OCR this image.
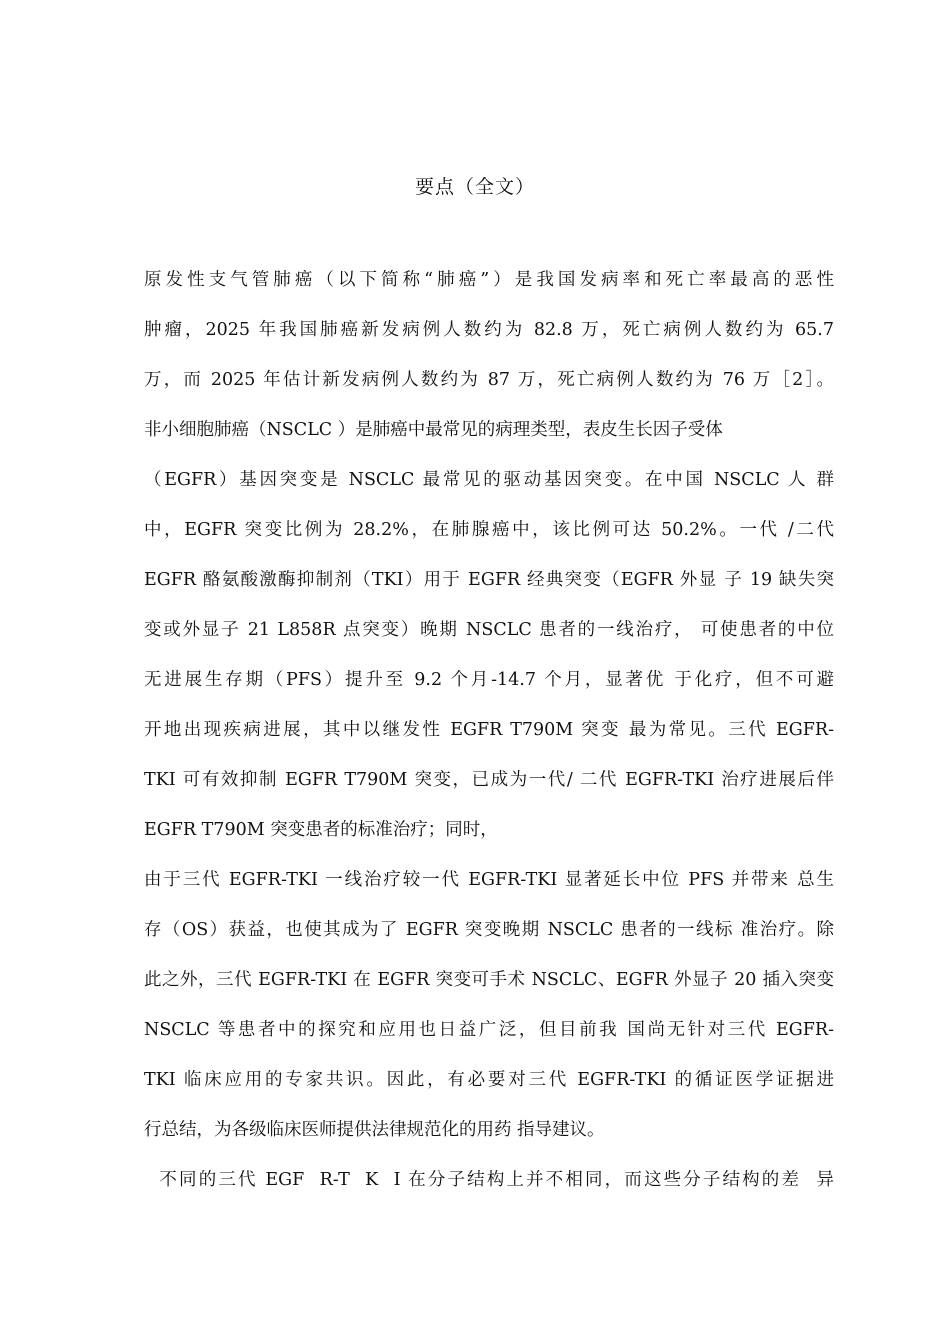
要点（全文）

原发性支气管肺癌（以下简称“肺癌”）是我国发病率和死亡率最高的恶性

肿瘤，2025 年我国肺癌新发病例人数约为 82.8 万，死亡病例人数约为 65.7

万，而 2025 年估计新发病例人数约为 87 万，死亡病例人数约为 76 万［2］。

非小细胞肺癌（NSCLC ）是肺癌中最常见的病理类型，表皮生长因子受体

（EGFR）基因突变是 NSCLC 最常见的驱动基因突变。在中国 NSCLC 人 群

中，EGFR 突变比例为 28.2%，在肺腺癌中，该比例可达 50.2%。一代 /二代

EGFR 酪氨酸激酶抑制剂（TKI）用于 EGFR 经典突变（EGFR 外显 子 19 缺失突

变或外显子 21 L858R 点突变）晚期 NSCLC 患者的一线治疗， 可使患者的中位

无进展生存期（PFS）提升至 9.2 个月-14.7 个月，显著优 于化疗，但不可避

开地出现疾病进展，其中以继发性 EGFR T790M 突变 最为常见。三代 EGFR-

TKI 可有效抑制 EGFR T790M 突变，已成为一代/ 二代 EGFR-TKI 治疗进展后伴

EGFR T790M 突变患者的标准治疗；同时，

由于三代 EGFR-TKI 一线治疗较一代 EGFR-TKI 显著延长中位 PFS 并带来 总生

存（OS）获益，也使其成为了 EGFR 突变晚期 NSCLC 患者的一线标 准治疗。除

此之外，三代 EGFR-TKI 在 EGFR 突变可手术 NSCLC、EGFR 外显子 20 插入突变

NSCLC 等患者中的探究和应用也日益广泛，但目前我 国尚无针对三代 EGFR-

TKI 临床应用的专家共识。因此，有必要对三代 EGFR-TKI 的循证医学证据进

行总结，为各级临床医师提供法律规范化的用药 指导建议。

不同的三代 EGF  R-T  K  I 在分子结构上并不相同，而这些分子结构的差  异
